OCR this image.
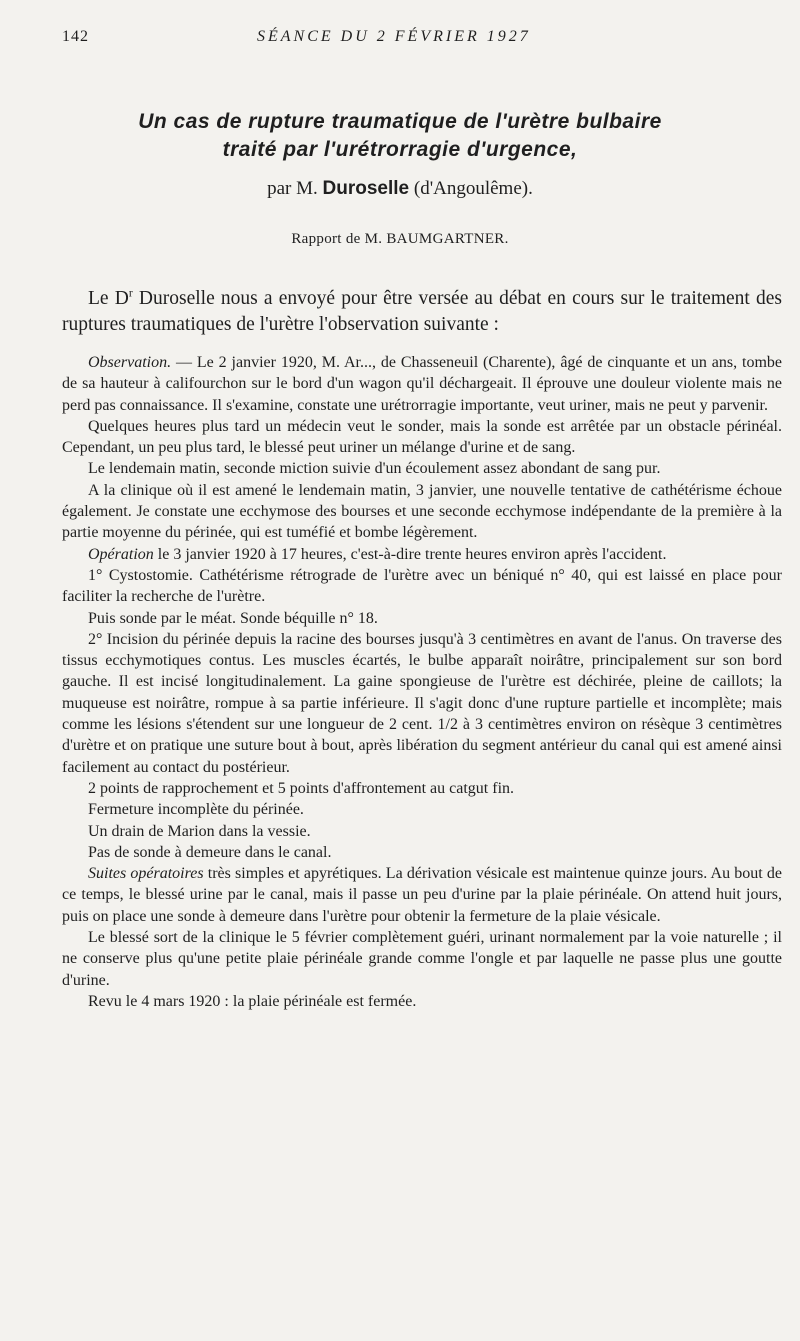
142	SÉANCE DU 2 FÉVRIER 1927
Un cas de rupture traumatique de l'urètre bulbaire
traité par l'urétrorragie d'urgence,
par M. Duroselle (d'Angoulême).
Rapport de M. BAUMGARTNER.
Le $D^r$ Duroselle nous a envoyé pour être versée au débat en cours sur le traitement des ruptures traumatiques de l'urètre l'observation suivante :

Observation. — Le 2 janvier 1920, M. Ar..., de Chasseneuil (Charente), âgé de cinquante et un ans, tombe de sa hauteur à califourchon sur le bord d'un wagon qu'il déchargeait. Il éprouve une douleur violente mais ne perd pas connaissance. Il s'examine, constate une urétrorragie importante, veut uriner, mais ne peut y parvenir.

Quelques heures plus tard un médecin veut le sonder, mais la sonde est arrêtée par un obstacle périnéal. Cependant, un peu plus tard, le blessé peut uriner un mélange d'urine et de sang.

Le lendemain matin, seconde miction suivie d'un écoulement assez abondant de sang pur.

A la clinique où il est amené le lendemain matin, 3 janvier, une nouvelle tentative de cathétérisme échoue également. Je constate une ecchymose des bourses et une seconde ecchymose indépendante de la première à la partie moyenne du périnée, qui est tuméfié et bombe légèrement.

Opération le 3 janvier 1920 à 17 heures, c'est-à-dire trente heures environ après l'accident.

1° Cystostomie. Cathétérisme rétrograde de l'urètre avec un béniqué n° 40, qui est laissé en place pour faciliter la recherche de l'urètre.

Puis sonde par le méat. Sonde béquille n° 18.

2° Incision du périnée depuis la racine des bourses jusqu'à 3 centimètres en avant de l'anus. On traverse des tissus ecchymotiques contus. Les muscles écartés, le bulbe apparaît noirâtre, principalement sur son bord gauche. Il est incisé longitudinalement. La gaine spongieuse de l'urètre est déchirée, pleine de caillots; la muqueuse est noirâtre, rompue à sa partie inférieure. Il s'agit donc d'une rupture partielle et incomplète; mais comme les lésions s'étendent sur une longueur de 2 cent. 1/2 à 3 centimètres environ on résèque 3 centimètres d'urètre et on pratique une suture bout à bout, après libération du segment antérieur du canal qui est amené ainsi facilement au contact du postérieur.

2 points de rapprochement et 5 points d'affrontement au catgut fin.

Fermeture incomplète du périnée.

Un drain de Marion dans la vessie.

Pas de sonde à demeure dans le canal.

Suites opératoires très simples et apyrétiques. La dérivation vésicale est maintenue quinze jours. Au bout de ce temps, le blessé urine par le canal, mais il passe un peu d'urine par la plaie périnéale. On attend huit jours, puis on place une sonde à demeure dans l'urètre pour obtenir la fermeture de la plaie vésicale.

Le blessé sort de la clinique le 5 février complètement guéri, urinant normalement par la voie naturelle ; il ne conserve plus qu'une petite plaie périnéale grande comme l'ongle et par laquelle ne passe plus une goutte d'urine.

Revu le 4 mars 1920 : la plaie périnéale est fermée.
